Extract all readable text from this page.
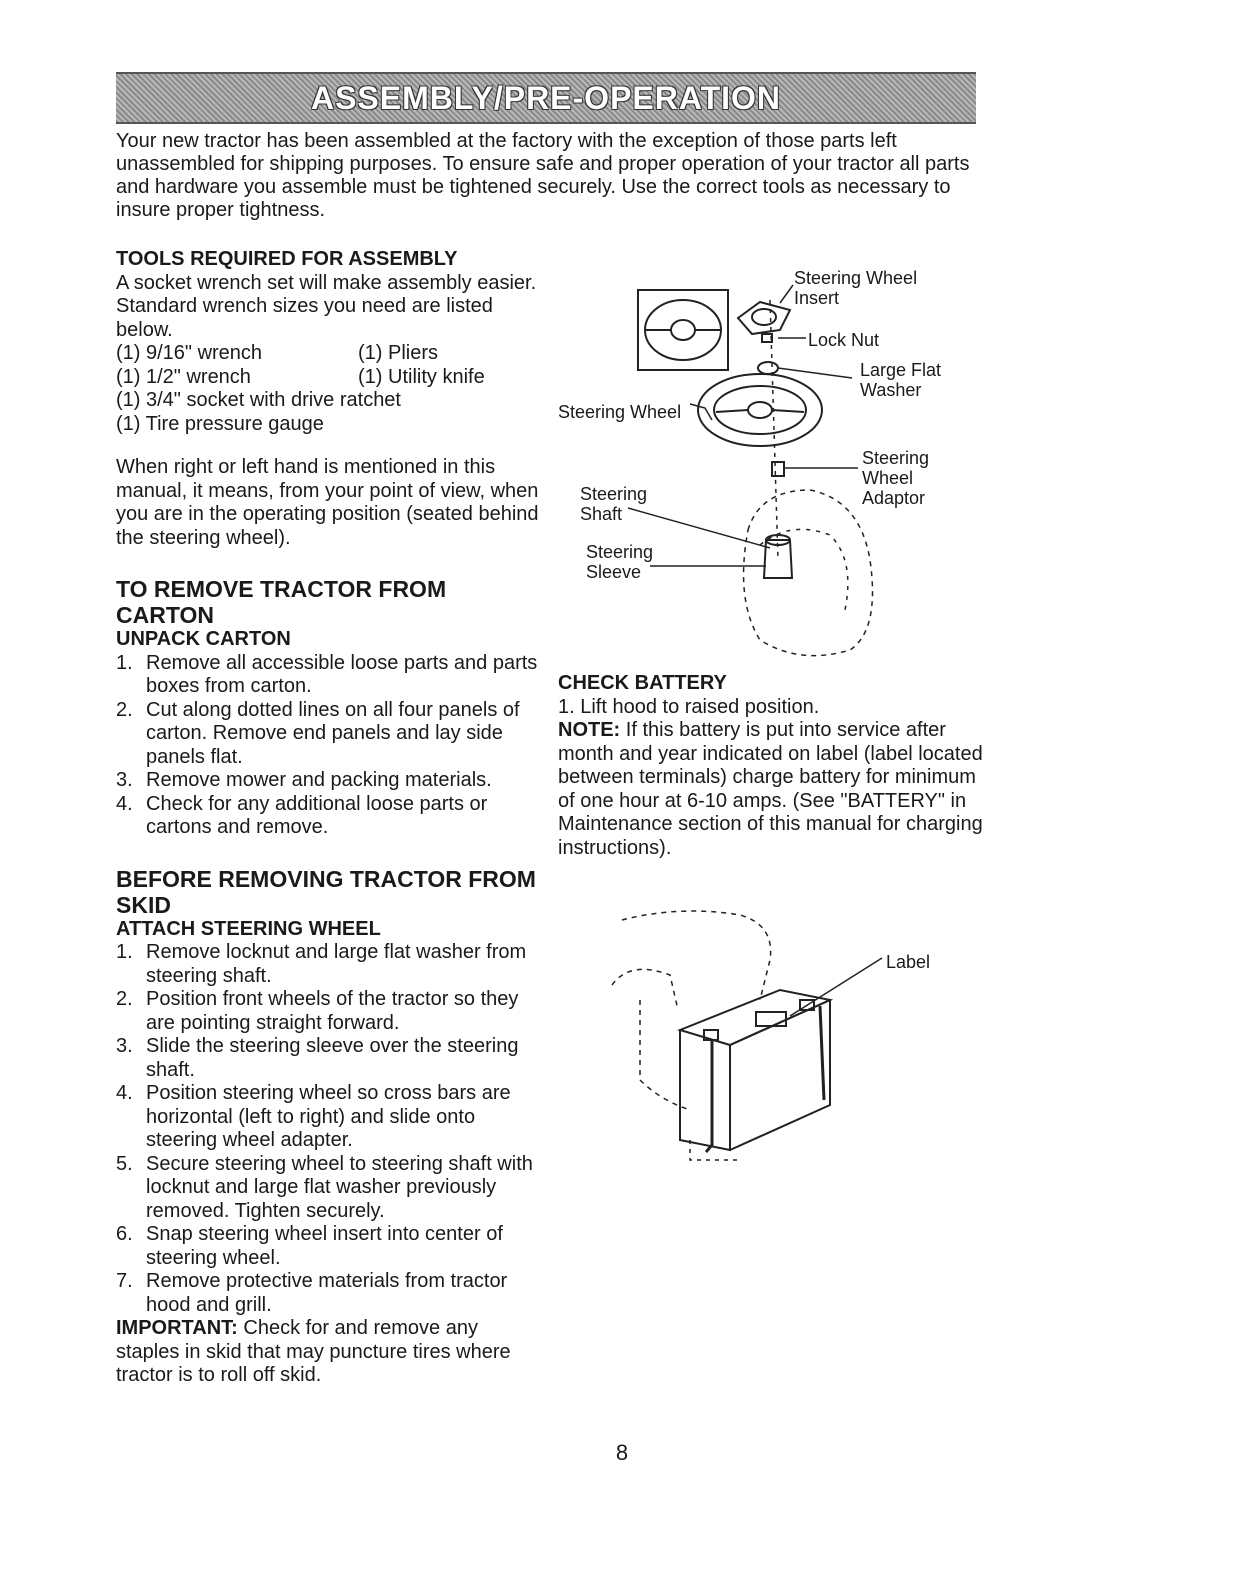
ASSEMBLY/PRE-OPERATION

Your new tractor has been assembled at the factory with the exception of those parts left unassembled for shipping purposes. To ensure safe and proper operation of your tractor all parts and hardware you assemble must be tightened securely. Use the correct tools as necessary to insure proper tightness.

TOOLS REQUIRED FOR ASSEMBLY

A socket wrench set will make assembly easier. Standard wrench sizes you need are listed below.

(1) 9/16" wrench	(1) Pliers
(1) 1/2" wrench	(1) Utility knife
(1) 3/4" socket with drive ratchet
(1) Tire pressure gauge

When right or left hand is mentioned in this manual, it means, from your point of view, when you are in the operating position (seated behind the steering wheel).

TO REMOVE TRACTOR FROM CARTON
UNPACK CARTON
1. Remove all accessible loose parts and parts boxes from carton.
2. Cut along dotted lines on all four panels of carton. Remove end panels and lay side panels flat.
3. Remove mower and packing materials.
4. Check for any additional loose parts or cartons and remove.
BEFORE REMOVING TRACTOR FROM SKID
ATTACH STEERING WHEEL
1. Remove locknut and large flat washer from steering shaft.
2. Position front wheels of the tractor so they are pointing straight forward.
3. Slide the steering sleeve over the steering shaft.
4. Position steering wheel so cross bars are horizontal (left to right) and slide onto steering wheel adapter.
5. Secure steering wheel to steering shaft with locknut and large flat washer previously removed. Tighten securely.
6. Snap steering wheel insert into center of steering wheel.
7. Remove protective materials from tractor hood and grill.

IMPORTANT: Check for and remove any staples in skid that may puncture tires where tractor is to roll off skid.

Steering Wheel Insert
Lock Nut
Large Flat Washer
Steering Wheel
Steering Wheel Adaptor
Steering Shaft
Steering Sleeve
CHECK BATTERY

1. Lift hood to raised position.

NOTE: If this battery is put into service after month and year indicated on label (label located between terminals) charge battery for minimum of one hour at 6-10 amps. (See "BATTERY" in Maintenance section of this manual for charging instructions).

Label
8
